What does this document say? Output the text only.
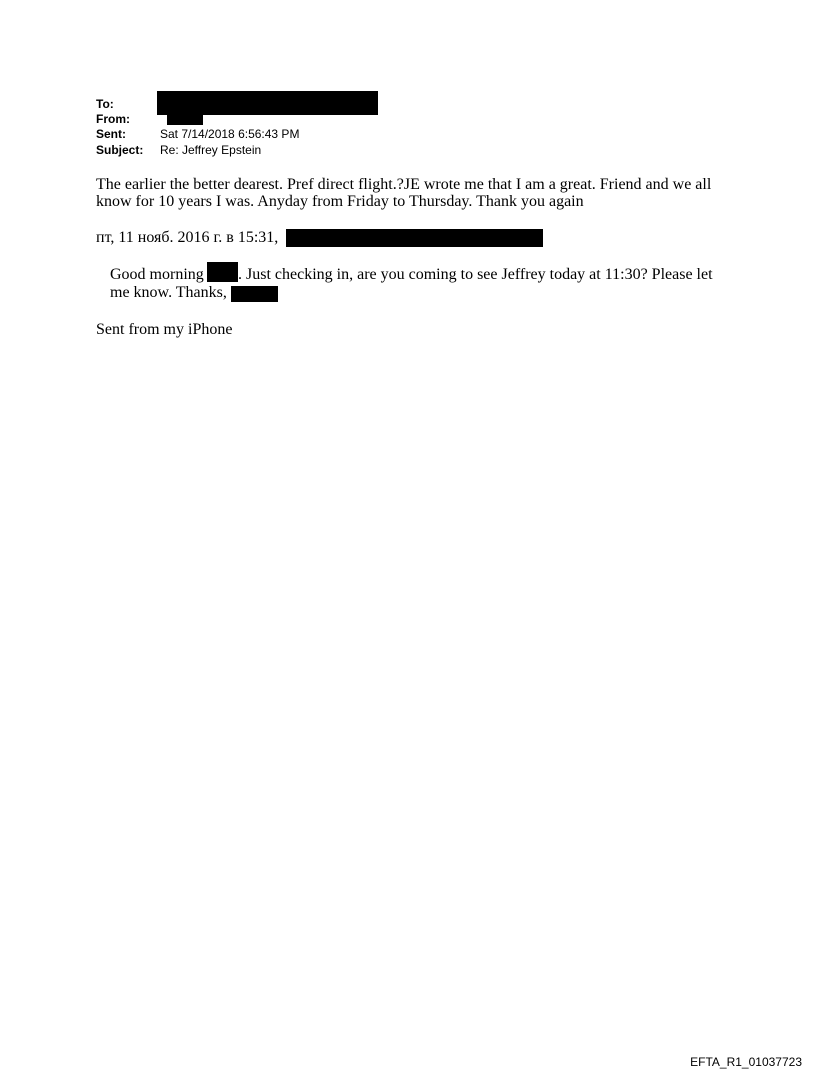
To:
From:
Sent:	Sat 7/14/2018 6:56:43 PM
Subject: Re: Jeffrey Epstein
The earlier the better dearest. Pref direct flight.?JE wrote me that I am a great. Friend and we all
know for 10 years I was. Anyday from Friday to Thursday. Thank you again
пт, 11 нояб. 2016 г. в 15:31,
Good morning . Just checking in, are you coming to see Jeffrey today at 11:30? Please let
me know. Thanks,
Sent from my iPhone
EFTA_R1_01037723
